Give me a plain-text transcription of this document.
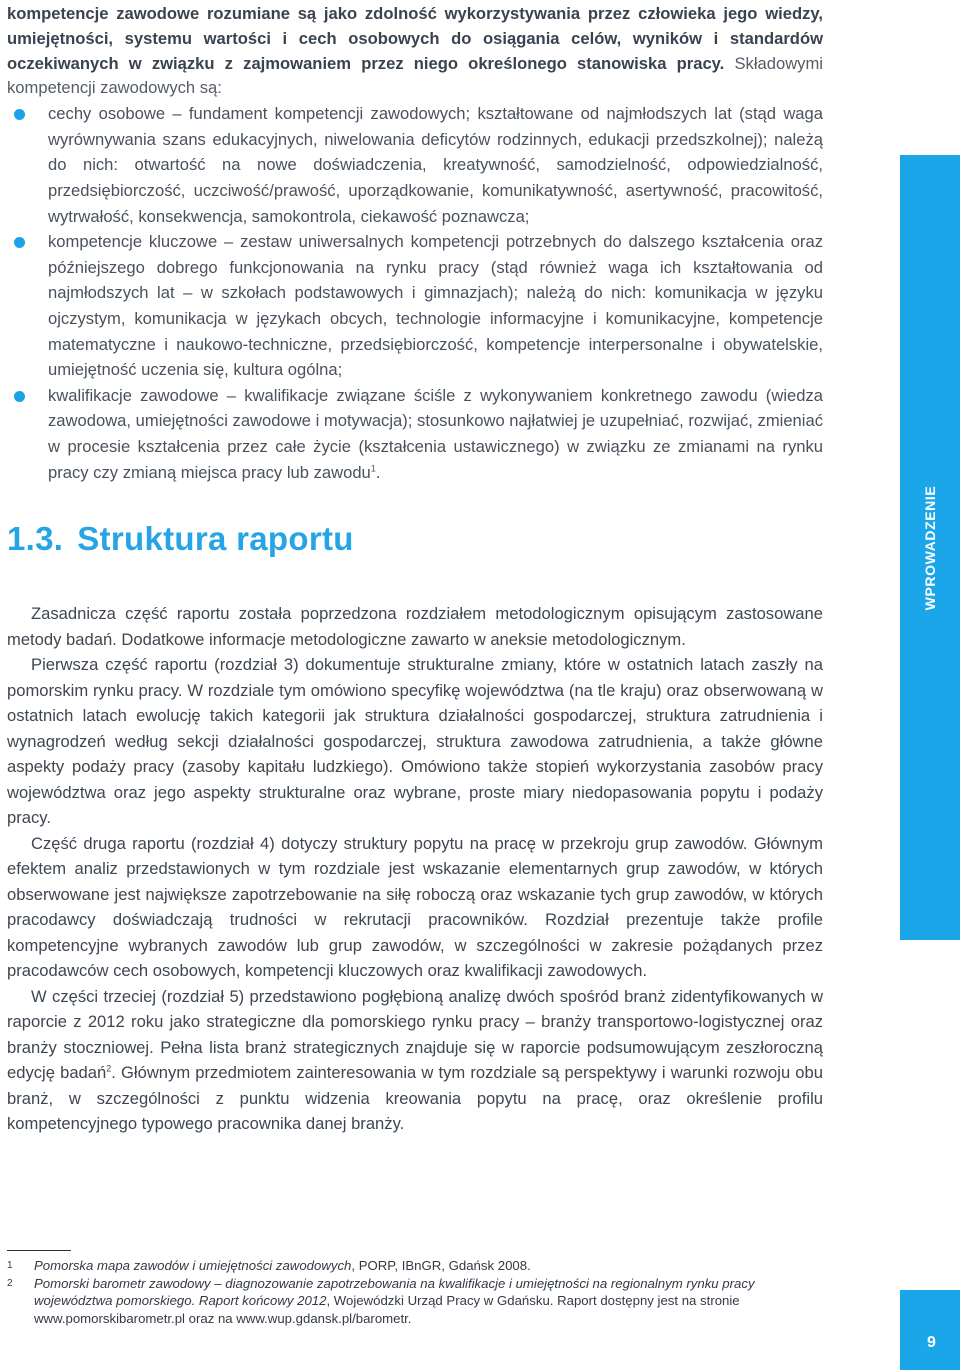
kompetencje zawodowe rozumiane są jako zdolność wykorzystywania przez człowieka jego wiedzy, umiejętności, systemu wartości i cech osobowych do osiągania celów, wyników i standardów oczekiwanych w związku z zajmowaniem przez niego określonego stanowiska pracy. Składowymi kompetencji zawodowych są:

cechy osobowe – fundament kompetencji zawodowych; kształtowane od najmłodszych lat (stąd waga wyrównywania szans edukacyjnych, niwelowania deficytów rodzinnych, edukacji przedszkolnej); należą do nich: otwartość na nowe doświadczenia, kreatywność, samodzielność, odpowiedzialność, przedsiębiorczość, uczciwość/prawość, uporządkowanie, komunikatywność, asertywność, pracowitość, wytrwałość, konsekwencja, samokontrola, ciekawość poznawcza;
kompetencje kluczowe – zestaw uniwersalnych kompetencji potrzebnych do dalszego kształcenia oraz późniejszego dobrego funkcjonowania na rynku pracy (stąd również waga ich kształtowania od najmłodszych lat – w szkołach podstawowych i gimnazjach); należą do nich: komunikacja w języku ojczystym, komunikacja w językach obcych, technologie informacyjne i komunikacyjne, kompetencje matematyczne i naukowo-techniczne, przedsiębiorczość, kompetencje interpersonalne i obywatelskie, umiejętność uczenia się, kultura ogólna;
kwalifikacje zawodowe – kwalifikacje związane ściśle z wykonywaniem konkretnego zawodu (wiedza zawodowa, umiejętności zawodowe i motywacja); stosunkowo najłatwiej je uzupełniać, rozwijać, zmieniać w procesie kształcenia przez całe życie (kształcenia ustawicznego) w związku ze zmianami na rynku pracy czy zmianą miejsca pracy lub zawodu$^1$.
1.3. Struktura raportu

Zasadnicza część raportu została poprzedzona rozdziałem metodologicznym opisującym zastosowane metody badań. Dodatkowe informacje metodologiczne zawarto w aneksie metodologicznym.

Pierwsza część raportu (rozdział 3) dokumentuje strukturalne zmiany, które w ostatnich latach zaszły na pomorskim rynku pracy. W rozdziale tym omówiono specyfikę województwa (na tle kraju) oraz obserwowaną w ostatnich latach ewolucję takich kategorii jak struktura działalności gospodarczej, struktura zatrudnienia i wynagrodzeń według sekcji działalności gospodarczej, struktura zawodowa zatrudnienia, a także główne aspekty podaży pracy (zasoby kapitału ludzkiego). Omówiono także stopień wykorzystania zasobów pracy województwa oraz jego aspekty strukturalne oraz wybrane, proste miary niedopasowania popytu i podaży pracy.

Część druga raportu (rozdział 4) dotyczy struktury popytu na pracę w przekroju grup zawodów. Głównym efektem analiz przedstawionych w tym rozdziale jest wskazanie elementarnych grup zawodów, w których obserwowane jest największe zapotrzebowanie na siłę roboczą oraz wskazanie tych grup zawodów, w których pracodawcy doświadczają trudności w rekrutacji pracowników. Rozdział prezentuje także profile kompetencyjne wybranych zawodów lub grup zawodów, w szczególności w zakresie pożądanych przez pracodawców cech osobowych, kompetencji kluczowych oraz kwalifikacji zawodowych.

W części trzeciej (rozdział 5) przedstawiono pogłębioną analizę dwóch spośród branż zidentyfikowanych w raporcie z 2012 roku jako strategiczne dla pomorskiego rynku pracy – branży transportowo-logistycznej oraz branży stoczniowej. Pełna lista branż strategicznych znajduje się w raporcie podsumowującym zeszłoroczną edycję badań$^2$. Głównym przedmiotem zainteresowania w tym rozdziale są perspektywy i warunki rozwoju obu branż, w szczególności z punktu widzenia kreowania popytu na pracę, oraz określenie profilu kompetencyjnego typowego pracownika danej branży.

1 Pomorska mapa zawodów i umiejętności zawodowych, PORP, IBnGR, Gdańsk 2008.
2 Pomorski barometr zawodowy – diagnozowanie zapotrzebowania na kwalifikacje i umiejętności na regionalnym rynku pracy województwa pomorskiego. Raport końcowy 2012, Wojewódzki Urząd Pracy w Gdańsku. Raport dostępny jest na stronie www.pomorskibarometr.pl oraz na www.wup.gdansk.pl/barometr.
WPROWADZENIE
9
